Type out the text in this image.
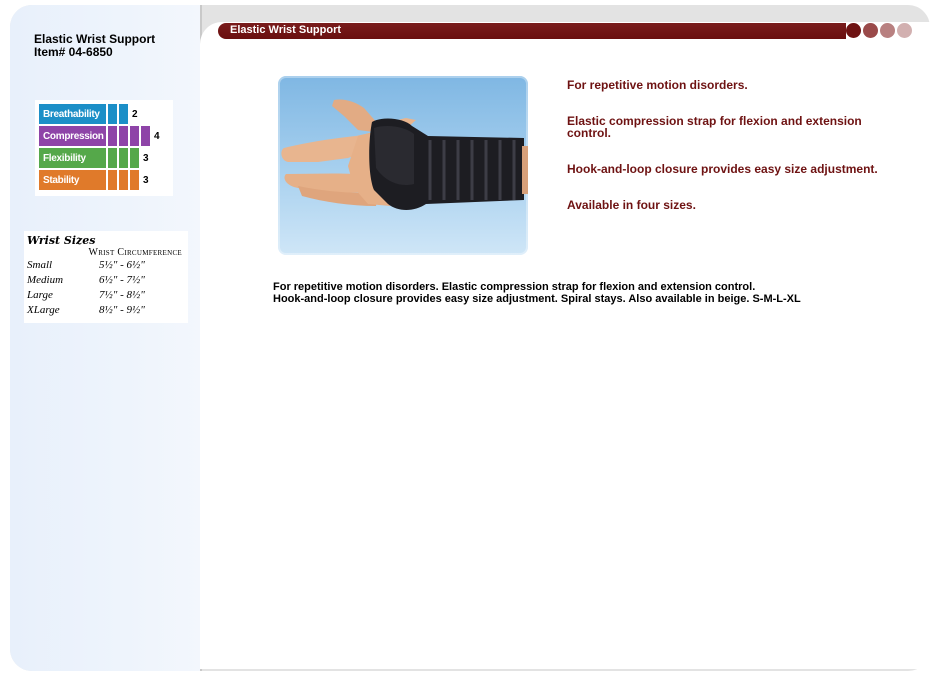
Elastic Wrist Support
Item# 04-6850
Breathability	2
Compression	4
Flexibility	3
Stability	3
Wrist Sizes
Wrist Circumference
Small	5½" - 6½"
Medium	6½" - 7½"
Large	7½" - 8½"
XLarge	8½" - 9½"
Elastic Wrist Support
For repetitive motion disorders.
Elastic compression strap for flexion and extension control.
Hook-and-loop closure provides easy size adjustment.
Available in four sizes.
For repetitive motion disorders. Elastic compression strap for flexion and extension control.
Hook-and-loop closure provides easy size adjustment. Spiral stays. Also available in beige. S-M-L-XL
